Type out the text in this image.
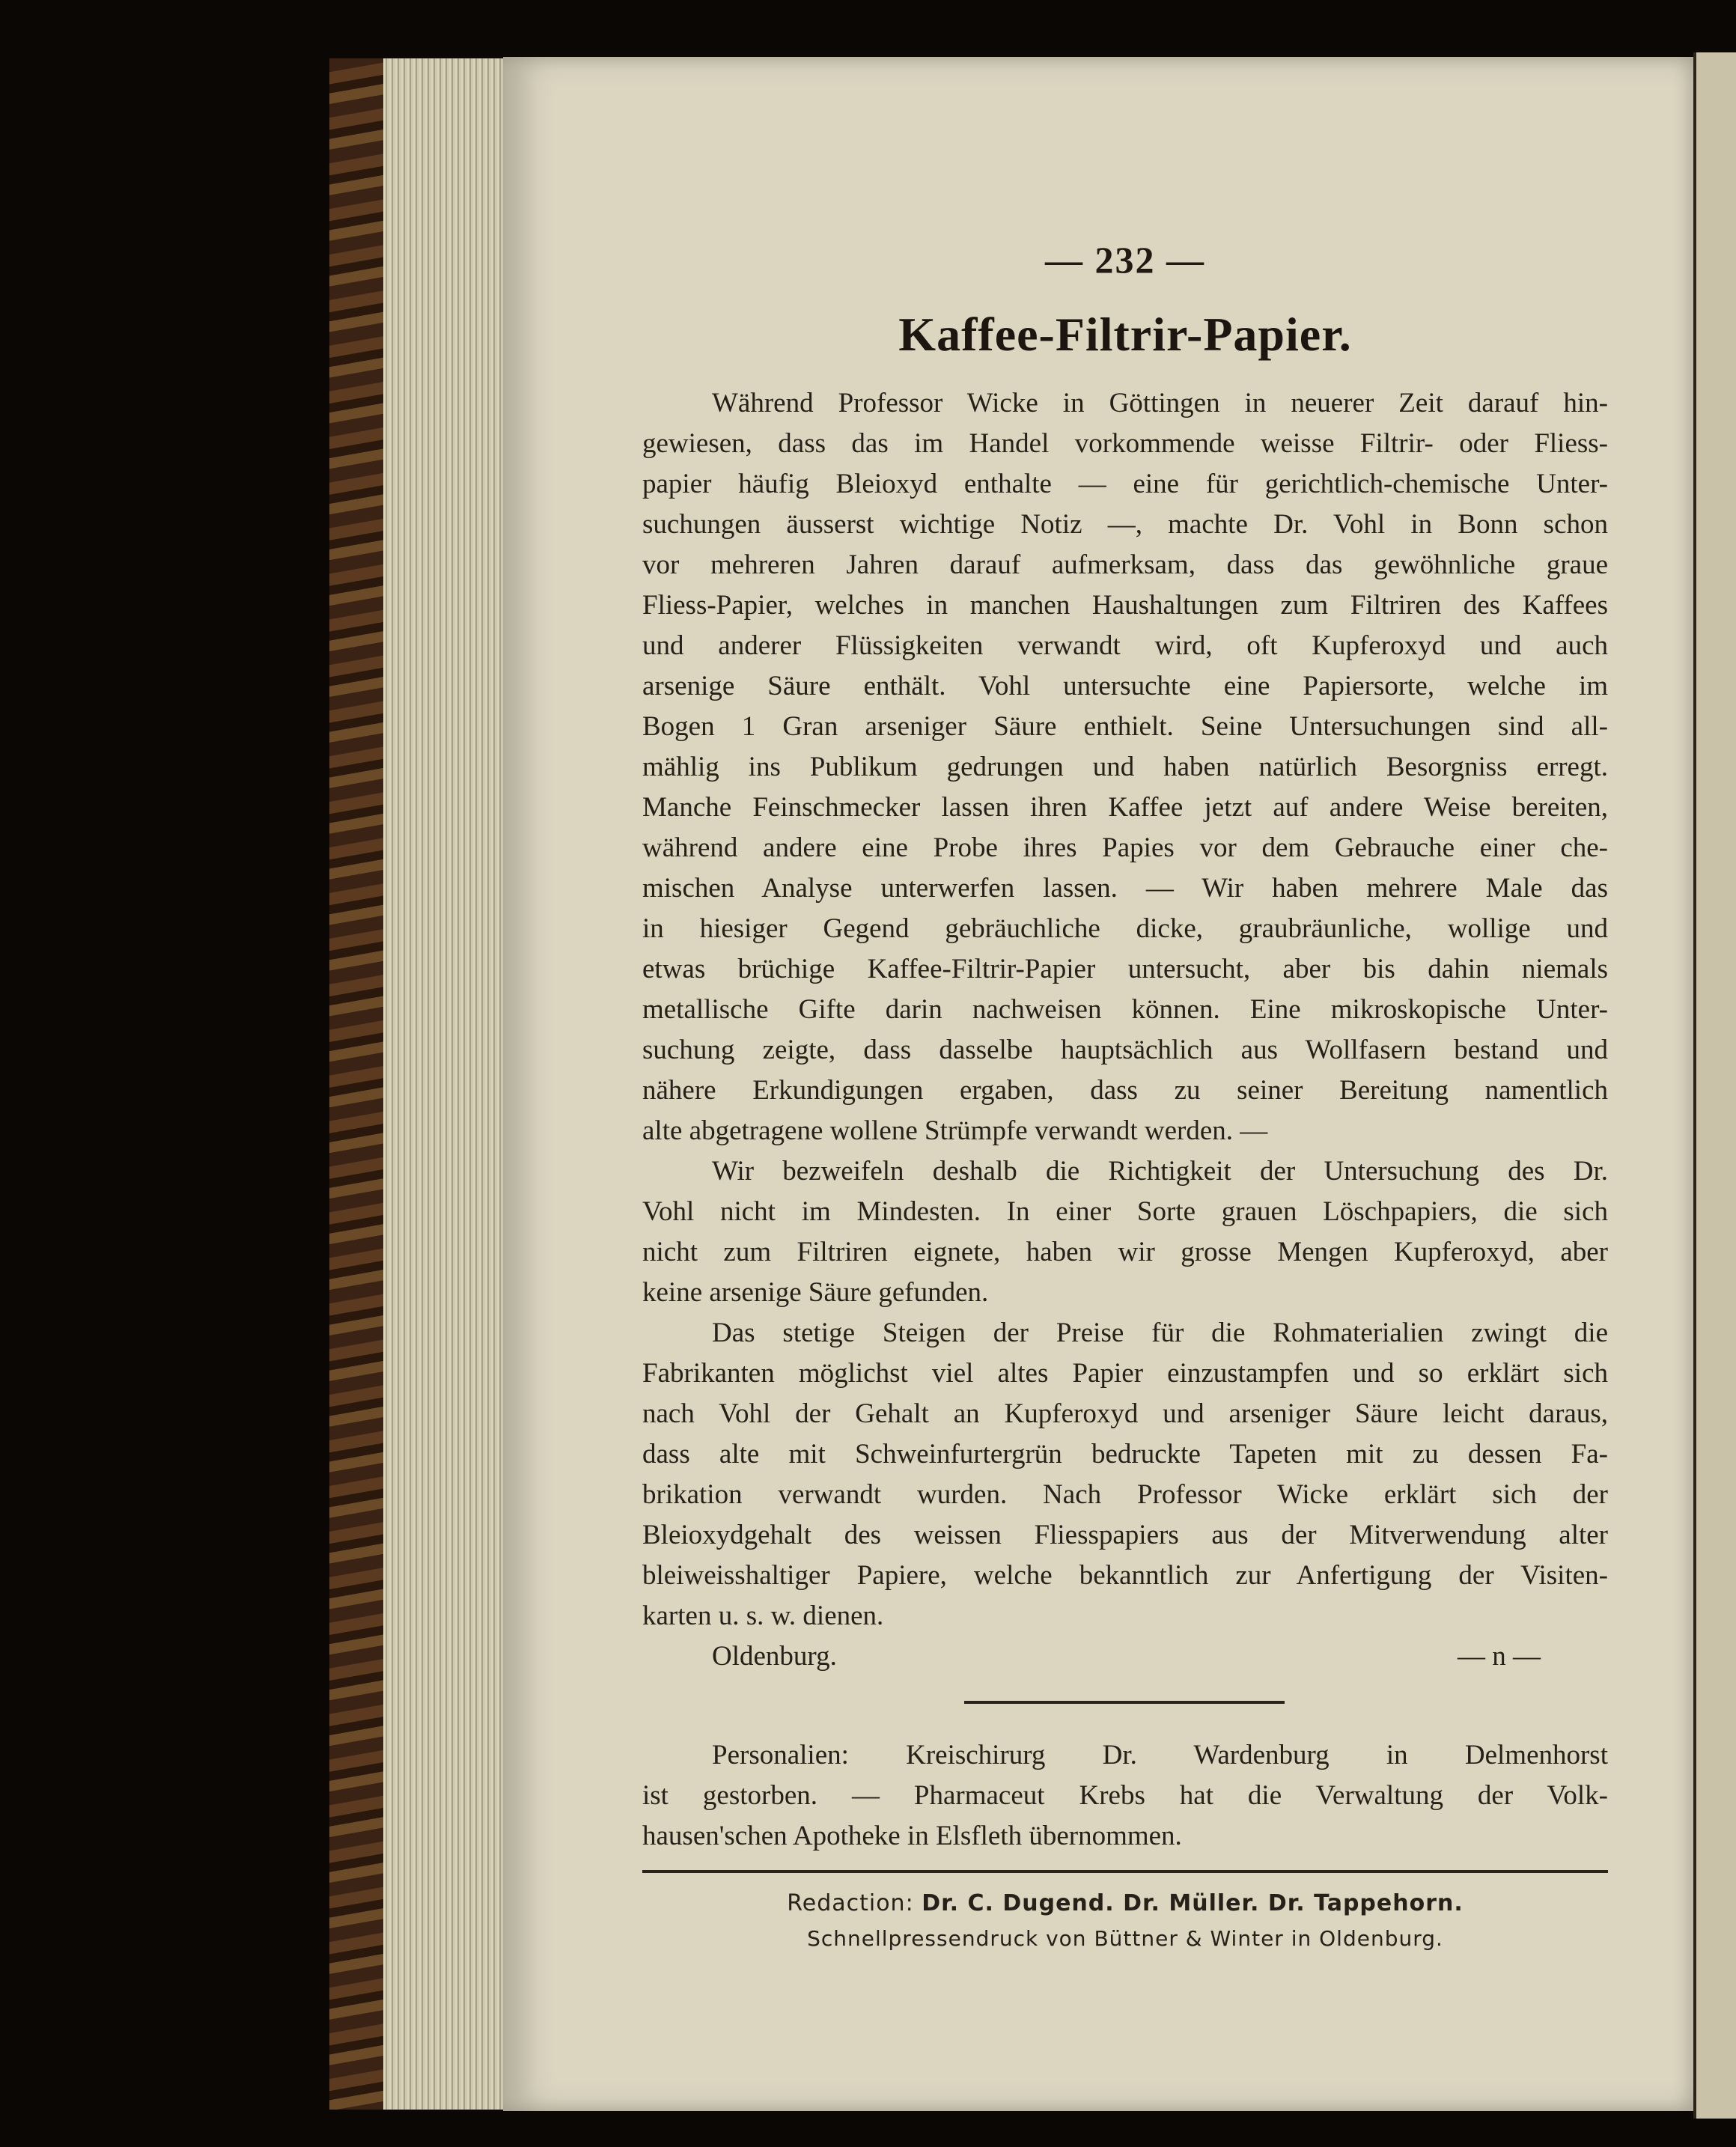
— 232 —
Kaffee-Filtrir-Papier.
Während Professor Wicke in Göttingen in neuerer Zeit darauf hin-
gewiesen, dass das im Handel vorkommende weisse Filtrir- oder Fliess-
papier häufig Bleioxyd enthalte — eine für gerichtlich-chemische Unter-
suchungen äusserst wichtige Notiz —, machte Dr. Vohl in Bonn schon
vor mehreren Jahren darauf aufmerksam, dass das gewöhnliche graue
Fliess-Papier, welches in manchen Haushaltungen zum Filtriren des Kaffees
und anderer Flüssigkeiten verwandt wird, oft Kupferoxyd und auch
arsenige Säure enthält. Vohl untersuchte eine Papiersorte, welche im
Bogen 1 Gran arseniger Säure enthielt. Seine Untersuchungen sind all-
mählig ins Publikum gedrungen und haben natürlich Besorgniss erregt.
Manche Feinschmecker lassen ihren Kaffee jetzt auf andere Weise bereiten,
während andere eine Probe ihres Papies vor dem Gebrauche einer che-
mischen Analyse unterwerfen lassen. — Wir haben mehrere Male das
in hiesiger Gegend gebräuchliche dicke, graubräunliche, wollige und
etwas brüchige Kaffee-Filtrir-Papier untersucht, aber bis dahin niemals
metallische Gifte darin nachweisen können. Eine mikroskopische Unter-
suchung zeigte, dass dasselbe hauptsächlich aus Wollfasern bestand und
nähere Erkundigungen ergaben, dass zu seiner Bereitung namentlich
alte abgetragene wollene Strümpfe verwandt werden. —
Wir bezweifeln deshalb die Richtigkeit der Untersuchung des Dr.
Vohl nicht im Mindesten. In einer Sorte grauen Löschpapiers, die sich
nicht zum Filtriren eignete, haben wir grosse Mengen Kupferoxyd, aber
keine arsenige Säure gefunden.
Das stetige Steigen der Preise für die Rohmaterialien zwingt die
Fabrikanten möglichst viel altes Papier einzustampfen und so erklärt sich
nach Vohl der Gehalt an Kupferoxyd und arseniger Säure leicht daraus,
dass alte mit Schweinfurtergrün bedruckte Tapeten mit zu dessen Fa-
brikation verwandt wurden. Nach Professor Wicke erklärt sich der
Bleioxydgehalt des weissen Fliesspapiers aus der Mitverwendung alter
bleiweisshaltiger Papiere, welche bekanntlich zur Anfertigung der Visiten-
karten u. s. w. dienen.
Oldenburg.	— n —
Personalien: Kreischirurg Dr. Wardenburg in Delmenhorst
ist gestorben. — Pharmaceut Krebs hat die Verwaltung der Volk-
hausen'schen Apotheke in Elsfleth übernommen.
Redaction: Dr. C. Dugend. Dr. Müller. Dr. Tappehorn.
Schnellpressendruck von Büttner & Winter in Oldenburg.
